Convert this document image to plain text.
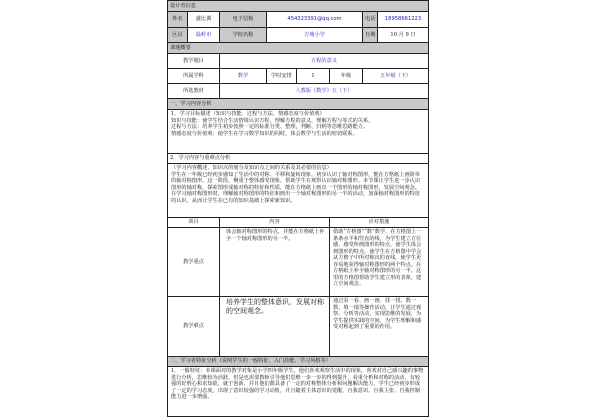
设计者信息							
姓名	盛比翼	电子信箱	454323391@qq.com			电话	18958661223
区县	温岭市	学校名称	方城小学			日期	10 月 9 日
课题概要							
教学题目		方程的意义					
所属学科		数学	学时安排	1	年级	五年级（下）	
所选教材		人教版《数学》五（下）					
一、学习内容分析							

1．学习目标描述（知识与技能、过程与方法、情感态度与价值观）
知识与技能：使学生结合生活情境认识方程，理解方程的意义，理解方程与等式的关系。
过程与方法：培养学生初步按照一定的标准分类、整理，判断、归纳等思维思路能力。
情感态度与价值观：使学生在学习数学知识的同时，体会数学与生活的密切联系。							

2．学习内容与重难点分析							

（学习内容概述、知识点的划分及知识点之间的关系及其必要的信息）
学生在一年级已经初步感知了生活中的对称、平移和旋转现象，初步认识了轴对称图形，能在方格纸上画简单的轴对称图形，这一阶段，侧重于整体感受现象，帮助学生在观察认识轴对称图形。本节课让学生进一步认识图形的轴对称，探索图形成轴对称的特征和性质，能在方格纸上画出一个图形的轴对称图形，发展空间观念。在学习轴对称图形时，理解轴对称图形的特征和画出一个轴对称图形的另一半的活动，加深轴对称图形的特征的认识，从而让学生在已有的知识基础上探索新知识。							

项目		内容			应对措施		
教学重点		体会轴对称图形的特点，并能在方格纸上补全一个轴对称图形的另一半。			借助“方格图”“数”数学，在方格图上一条条水平和竖直的线，为学生建立方位感，感受所画图形的特点，使学生体会到图形的特点，使学生在方格图中学会从方格子中所对称出的直线，使学生更容易地获得轴对称图形的两个特点。在方格纸上补全轴对称图形的另一半。这里的方格图帮助学生建立形的表象，建立空间观念。		
教学难点		培养学生的整体意识，发展对称的空间观念。			通过看一看、画一画、找一找、数一数、填一填等操作活动，让学生通过观察、分析等活动，实现思维的发展，为学生提供实践的空间，为学生理解和感受对称起到了重要的作用。		
二、学习者特征分析（说明学生的一般特征、入门技能、学习风格等）							
1．一般特征：本课面对的教学对象是小学四年级学生，他们喜欢观察生活中的现象，喜欢对自己感兴趣的事物进行分析，思维较为活跃，但是也需要教师引导他们思维一步一步的得到提升，看重分析和对称的活动，有较强的好胜心和求知欲，就于创新，并且他们都具备了一定的对称整体分析和问题解决能力，学生已经初步形成了一定的学习态度，出现了意识较强的学习动机，并且随着主体意识的觉醒，自我意识、自我主张、自我控制能力进一步增强。							
